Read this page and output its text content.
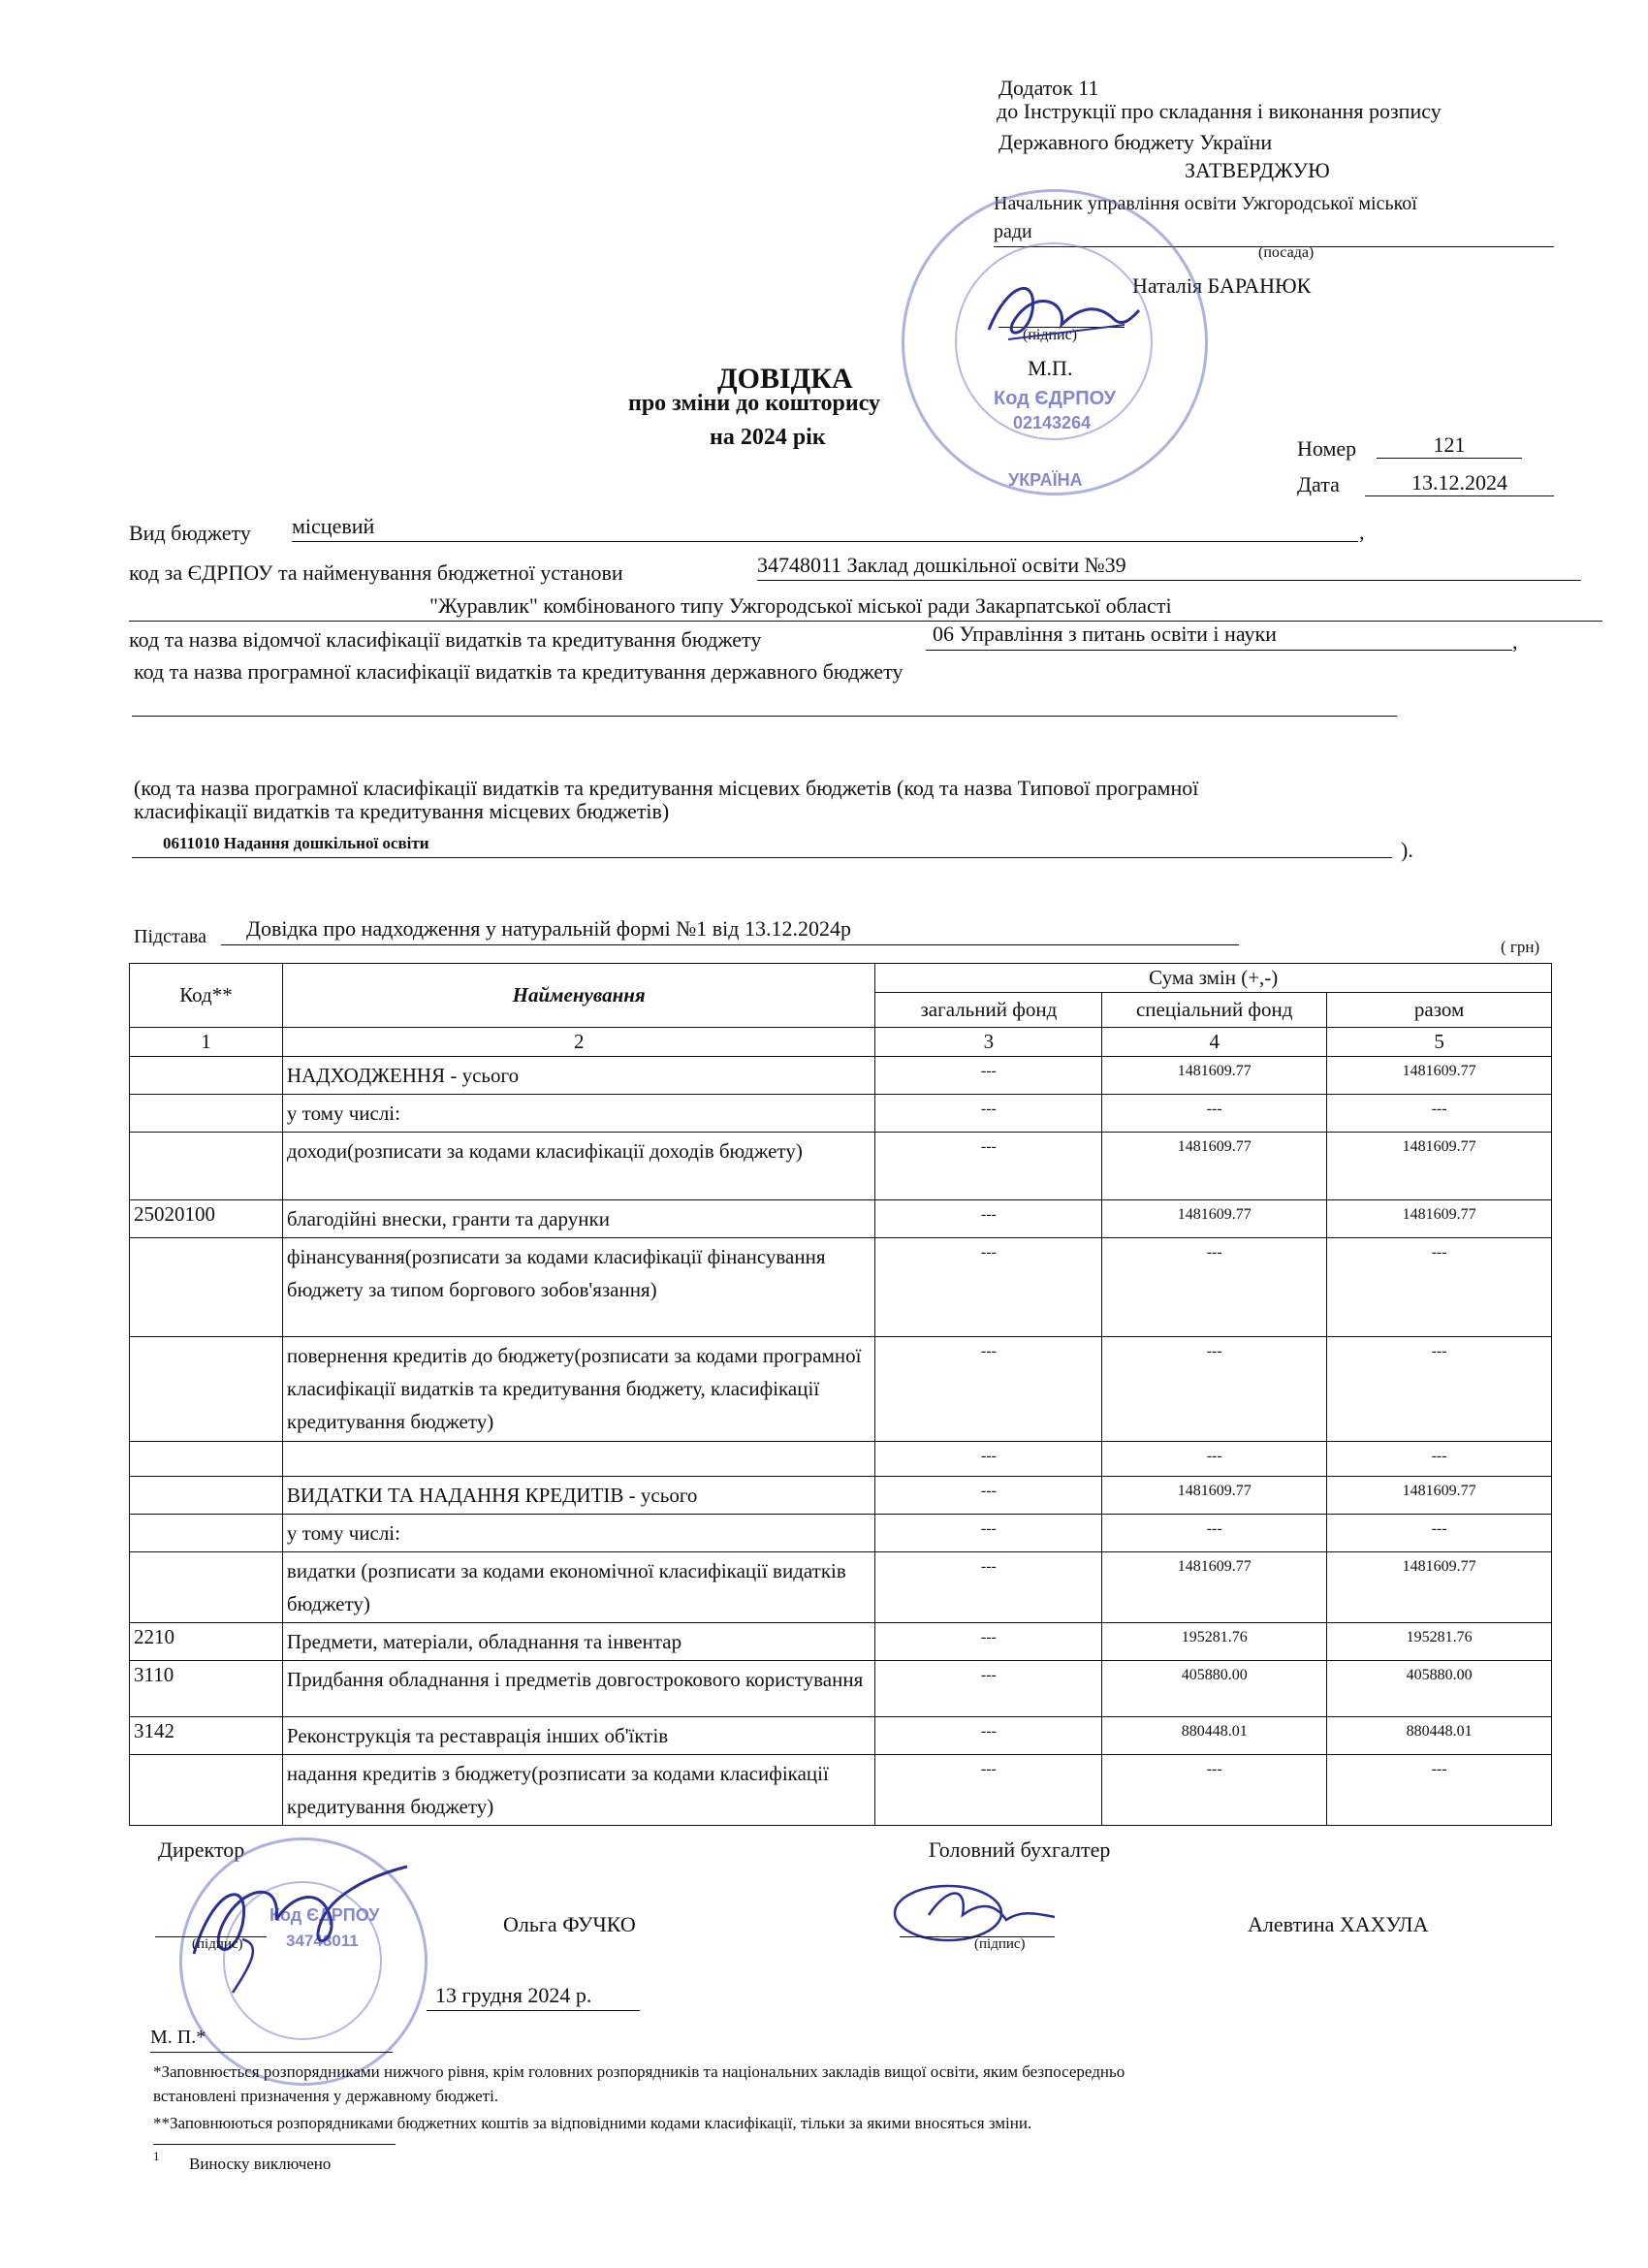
Додаток 11
до Інструкції про складання і виконання розпису
Державного бюджету України
ЗАТВЕРДЖУЮ
Начальник управління освіти Ужгородської міської
ради
(посада)
Наталія БАРАНЮК
(підпис)
М.П.
Код ЄДРПОУ
02143264
УКРАЇНА
ДОВІДКА
про зміни до кошторису
на 2024 рік	Номер	121
Дата	13.12.2024
Вид бюджету місцевий	,
код за ЄДРПОУ та найменування бюджетної установи	34748011 Заклад дошкільної освіти №39
"Журавлик" комбінованого типу Ужгородської міської ради Закарпатської області
код та назва відомчої класифікації видатків та кредитування бюджету	06 Управління з питань освіти і науки	,
код та назва програмної класифікації видатків та кредитування державного бюджету
(код та назва програмної класифікації видатків та кредитування місцевих бюджетів (код та назва Типової програмної
класифікації видатків та кредитування місцевих бюджетів)
0611010 Надання дошкільної освіти	).
Підстава Довідка про надходження у натуральній формі №1 від 13.12.2024р
( грн)
Код**	Найменування	Сума змін (+,-)		
		загальний фонд	спеціальний фонд	разом
1	2	3	4	5
	НАДХОДЖЕННЯ - усього	---	1481609.77	1481609.77
	у тому числі:	---	---	---
	доходи(розписати за кодами класифікації доходів бюджету)	---	1481609.77	1481609.77
25020100	благодійні внески, гранти та дарунки	---	1481609.77	1481609.77
	фінансування(розписати за кодами класифікації фінансування бюджету за типом боргового зобов'язання)	---	---	---
	повернення кредитів до бюджету(розписати за кодами програмної класифікації видатків та кредитування бюджету, класифікації кредитування бюджету)	---	---	---
		---	---	---
	ВИДАТКИ ТА НАДАННЯ КРЕДИТІВ - усього	---	1481609.77	1481609.77
	у тому числі:	---	---	---
	видатки (розписати за кодами економічної класифікації видатків бюджету)	---	1481609.77	1481609.77
2210	Предмети, матеріали, обладнання та інвентар	---	195281.76	195281.76
3110	Придбання обладнання і предметів довгострокового користування	---	405880.00	405880.00
3142	Реконструкція та реставрація інших об'їктів	---	880448.01	880448.01
	надання кредитів з бюджету(розписати за кодами класифікації кредитування бюджету)	---	---	---
Директор	Головний бухгалтер
Код ЄДРПОУ
34748011
(підпис)
Ольга ФУЧКО
(підпис)
Алевтина ХАХУЛА
13 грудня 2024 р.
М. П.*
*Заповнюється розпорядниками нижчого рівня, крім головних розпорядників та національних закладів вищої освіти, яким безпосередньо
встановлені призначення у державному бюджеті.
**Заповнюються розпорядниками бюджетних коштів за відповідними кодами класифікації, тільки за якими вносяться зміни.
1 Виноску виключено
